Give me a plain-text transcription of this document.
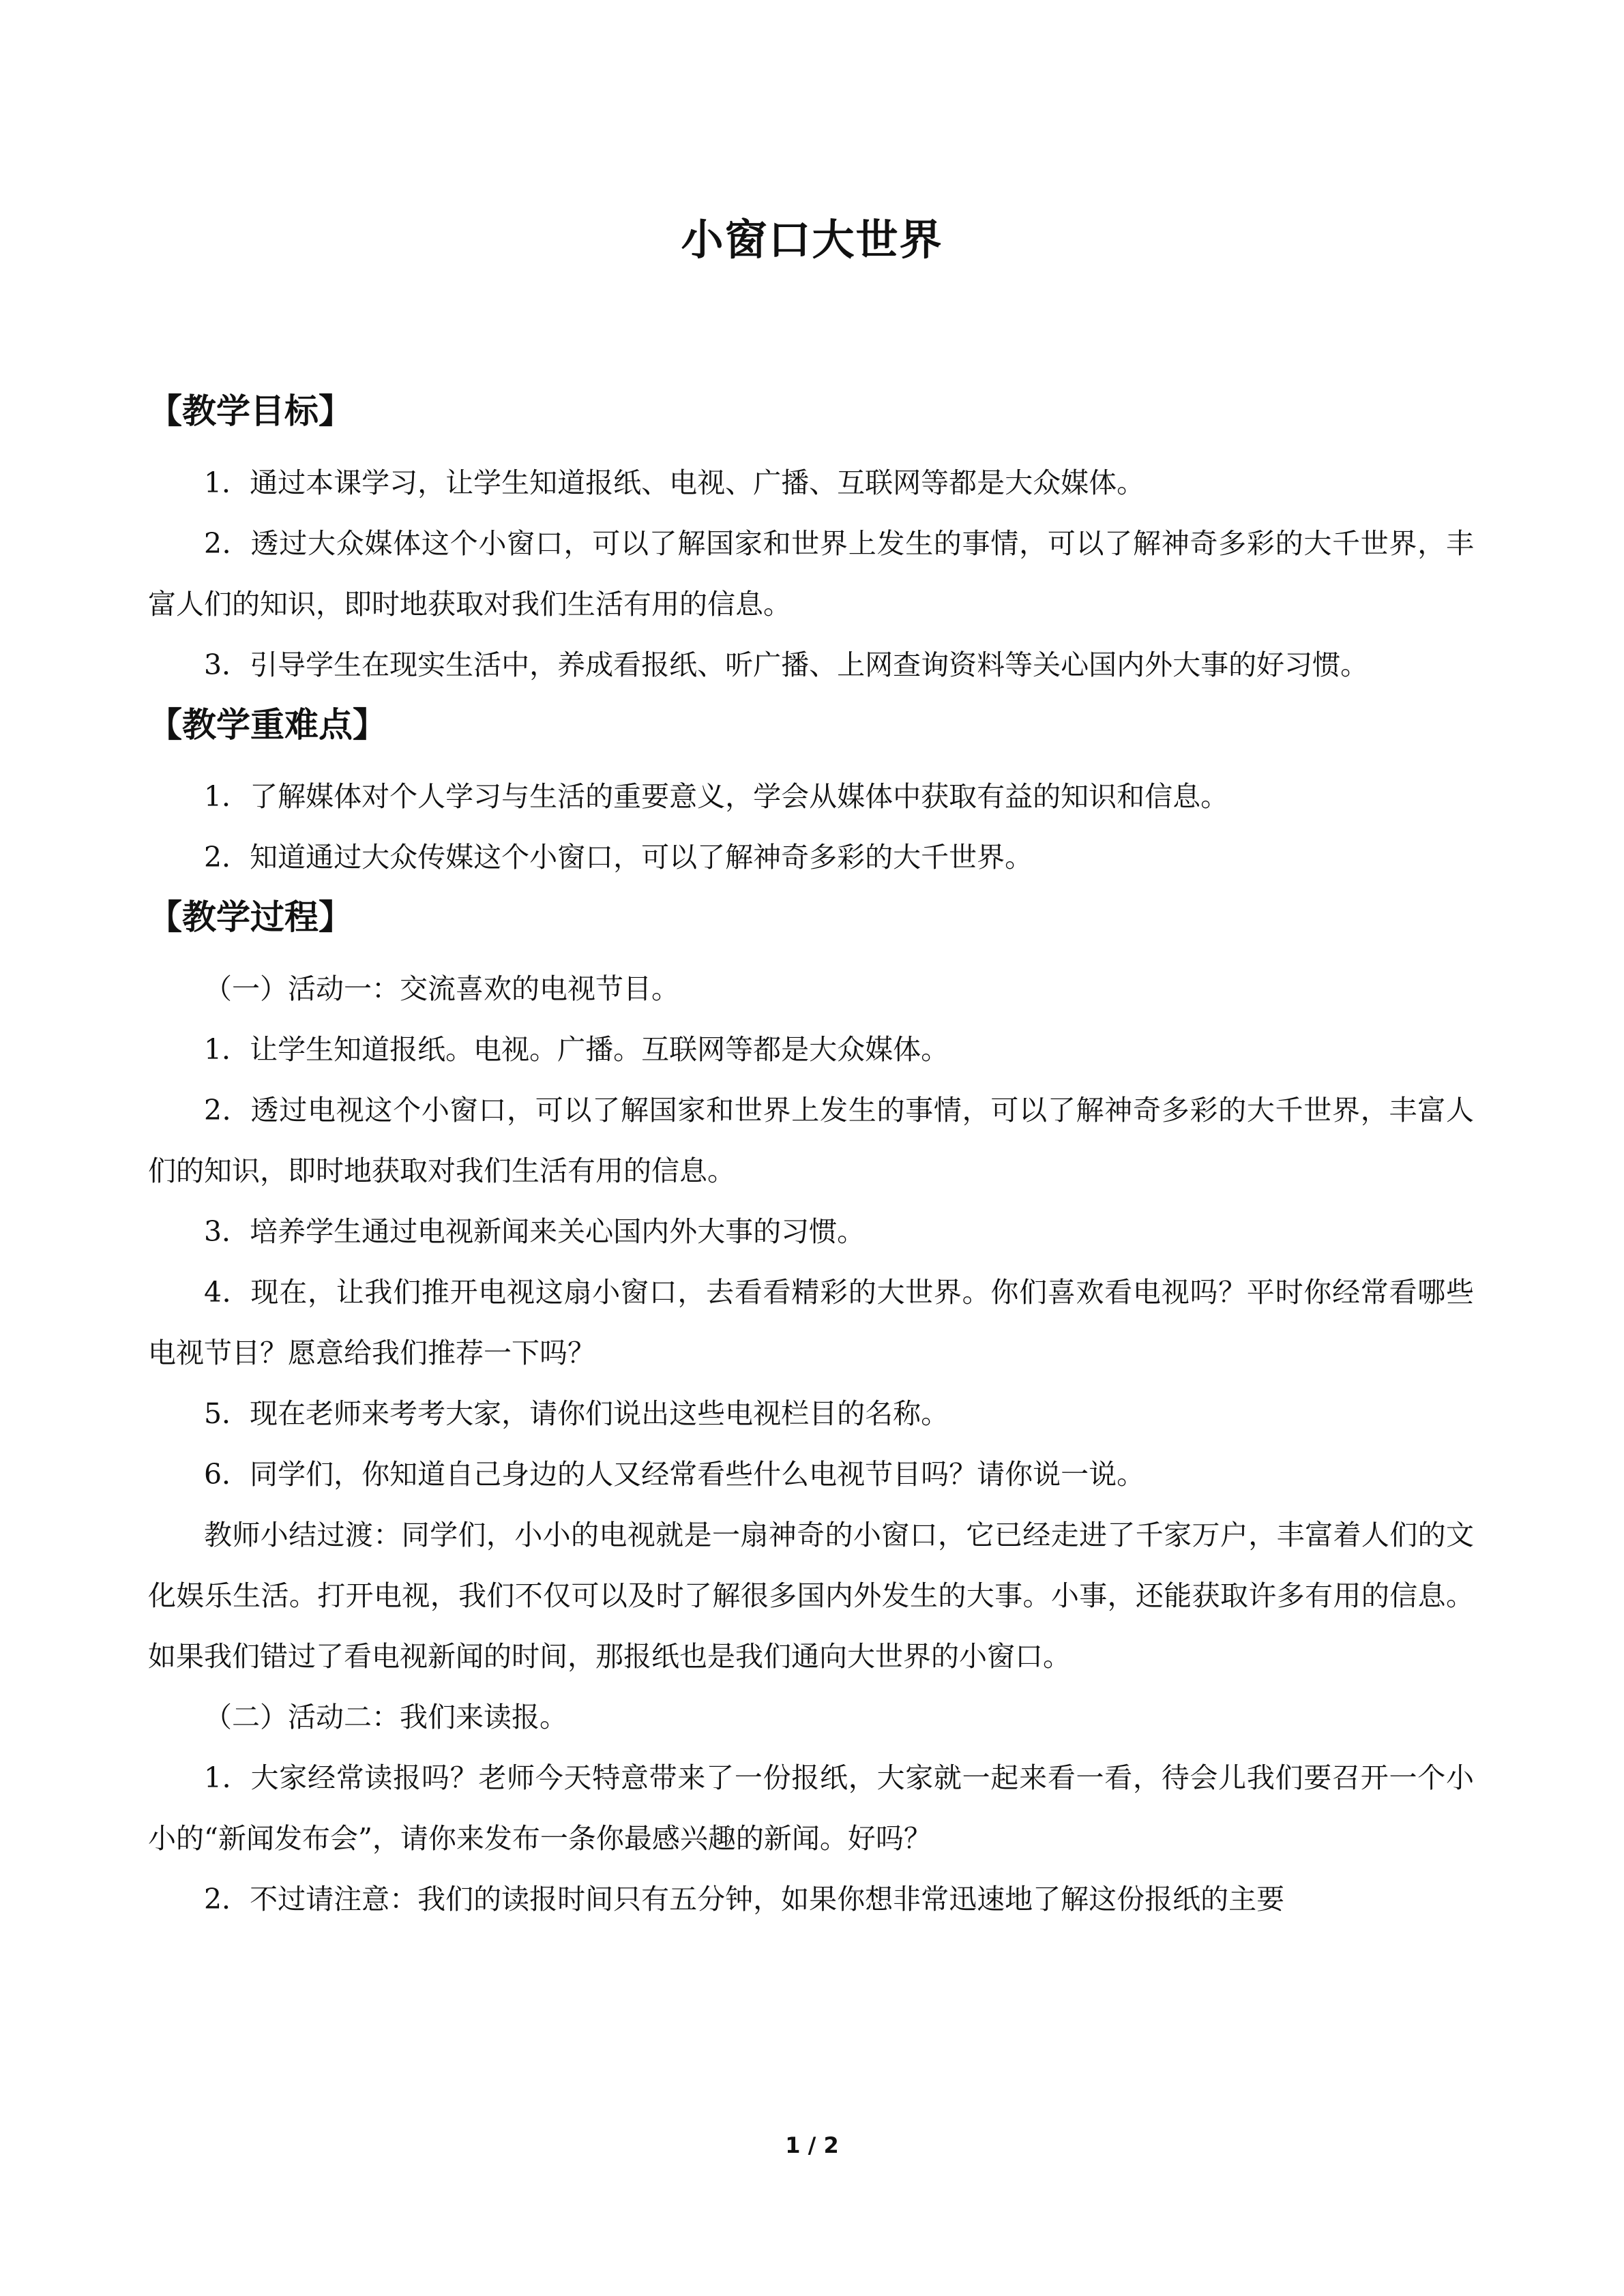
小窗口大世界
【教学目标】

1．通过本课学习，让学生知道报纸、电视、广播、互联网等都是大众媒体。

2．透过大众媒体这个小窗口，可以了解国家和世界上发生的事情，可以了解神奇多彩的大千世界，丰富人们的知识，即时地获取对我们生活有用的信息。

3．引导学生在现实生活中，养成看报纸、听广播、上网查询资料等关心国内外大事的好习惯。

【教学重难点】

1．了解媒体对个人学习与生活的重要意义，学会从媒体中获取有益的知识和信息。

2．知道通过大众传媒这个小窗口，可以了解神奇多彩的大千世界。

【教学过程】

（一）活动一：交流喜欢的电视节目。

1．让学生知道报纸。电视。广播。互联网等都是大众媒体。

2．透过电视这个小窗口，可以了解国家和世界上发生的事情，可以了解神奇多彩的大千世界，丰富人们的知识，即时地获取对我们生活有用的信息。

3．培养学生通过电视新闻来关心国内外大事的习惯。

4．现在，让我们推开电视这扇小窗口，去看看精彩的大世界。你们喜欢看电视吗？平时你经常看哪些电视节目？愿意给我们推荐一下吗？

5．现在老师来考考大家，请你们说出这些电视栏目的名称。

6．同学们，你知道自己身边的人又经常看些什么电视节目吗？请你说一说。

教师小结过渡：同学们，小小的电视就是一扇神奇的小窗口，它已经走进了千家万户，丰富着人们的文化娱乐生活。打开电视，我们不仅可以及时了解很多国内外发生的大事。小事，还能获取许多有用的信息。如果我们错过了看电视新闻的时间，那报纸也是我们通向大世界的小窗口。

（二）活动二：我们来读报。

1．大家经常读报吗？老师今天特意带来了一份报纸，大家就一起来看一看，待会儿我们要召开一个小小的“新闻发布会”，请你来发布一条你最感兴趣的新闻。好吗？

2．不过请注意：我们的读报时间只有五分钟，如果你想非常迅速地了解这份报纸的主要

1 / 2
